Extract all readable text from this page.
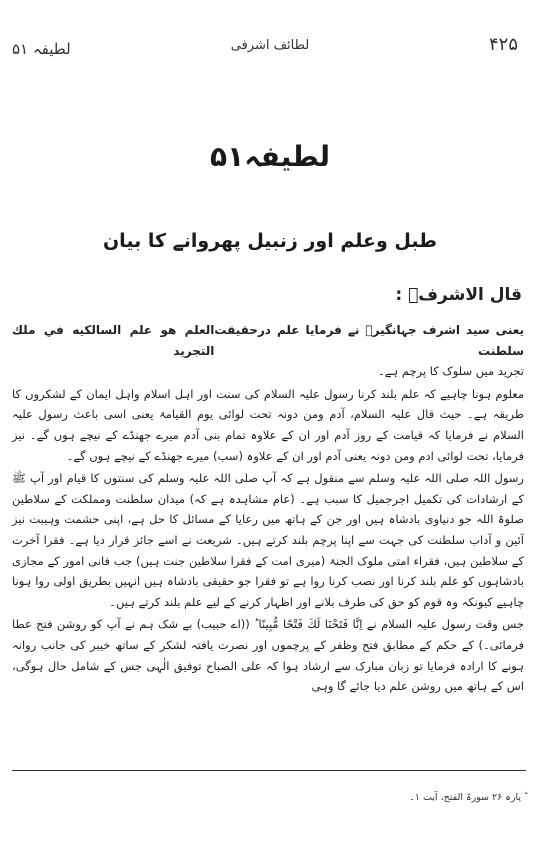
لطیفہ ۵۱	لطائف اشرفی	۴۲۵
لطیفہ۵۱
طبل وعلم اور زنبیل پھروانے کا بیان
قال الاشرفؒ :
یعنی سید اشرف جہانگیرؒ نے فرمایا علم درحقیقت سلطنت
العلم هو علم السالكيه في ملك التجريد

تجرید میں سلوک کا پرچم ہے۔

معلوم ہونا چاہیے کہ علم بلند کرنا رسول علیہ السلام کی سنت اور اہل اسلام واہل ایمان کے لشکروں کا طریقہ ہے۔ حیث قال علیہ السلام، آدم ومن دونہ تحت لوائی یوم القیامۃ یعنی اسی باعث رسول علیہ السلام نے فرمایا کہ قیامت کے روز آدم اور ان کے علاوہ تمام بنی آدم میرے جھنڈے کے نیچے ہوں گے۔ نیز فرمایا، تحت لوائی ادم ومن دونہ یعنی آدم اور ان کے علاوہ (سب) میرے جھنڈے کے نیچے ہوں گے۔

رسول اللہ صلی اللہ علیہ وسلم سے منقول ہے کہ آپ صلی اللہ علیہ وسلم کی سنتوں کا قیام اور آپ ﷺ کے ارشادات کی تکمیل اجرجمیل کا سبب ہے۔ (عام مشاہدہ ہے کہ) میدان سلطنت ومملکت کے سلاطین صلوۃ اللہ جو دنیاوی بادشاہ ہیں اور جن کے ہاتھ میں رعایا کے مسائل کا حل ہے، اپنی حشمت وہیبت نیز آئین و آداب سلطنت کی جہت سے اپنا پرچم بلند کرتے ہیں۔ شریعت نے اسے جائز قرار دیا ہے۔ فقرا آخرت کے سلاطین ہیں، فقراء امتی ملوک الجنۃ (میری امت کے فقرا سلاطین جنت ہیں) جب فانی امور کے مجازی بادشاہوں کو علم بلند کرنا اور نصب کرنا روا ہے تو فقرا جو حقیقی بادشاہ ہیں انہیں بطریق اولی روا ہونا چاہیے کیونکہ وہ قوم کو حق کی طرف بلانے اور اظہار کرنے کے لیے علم بلند کرتے ہیں۔

جس وقت رسول علیہ السلام نے اِنَّا فَتَحْنَا لَكَ فَتْحًا مُّبِينًا ؕ ((اے حبیب) بے شک ہم نے آپ کو روشن فتح عطا فرمائی۔) کے حکم کے مطابق فتح وظفر کے پرچموں اور نصرت یافتہ لشکر کے ساتھ خیبر کی جانب روانہ ہونے کا ارادہ فرمایا تو زبان مبارک سے ارشاد ہوا کہ علی الصباح توفیق الٰہی جس کے شامل حال ہوگی، اس کے ہاتھ میں روشن علم دیا جائے گا وہی

ؕ پارہ ۲۶ سورۃ الفتح، آیت ۱۔
